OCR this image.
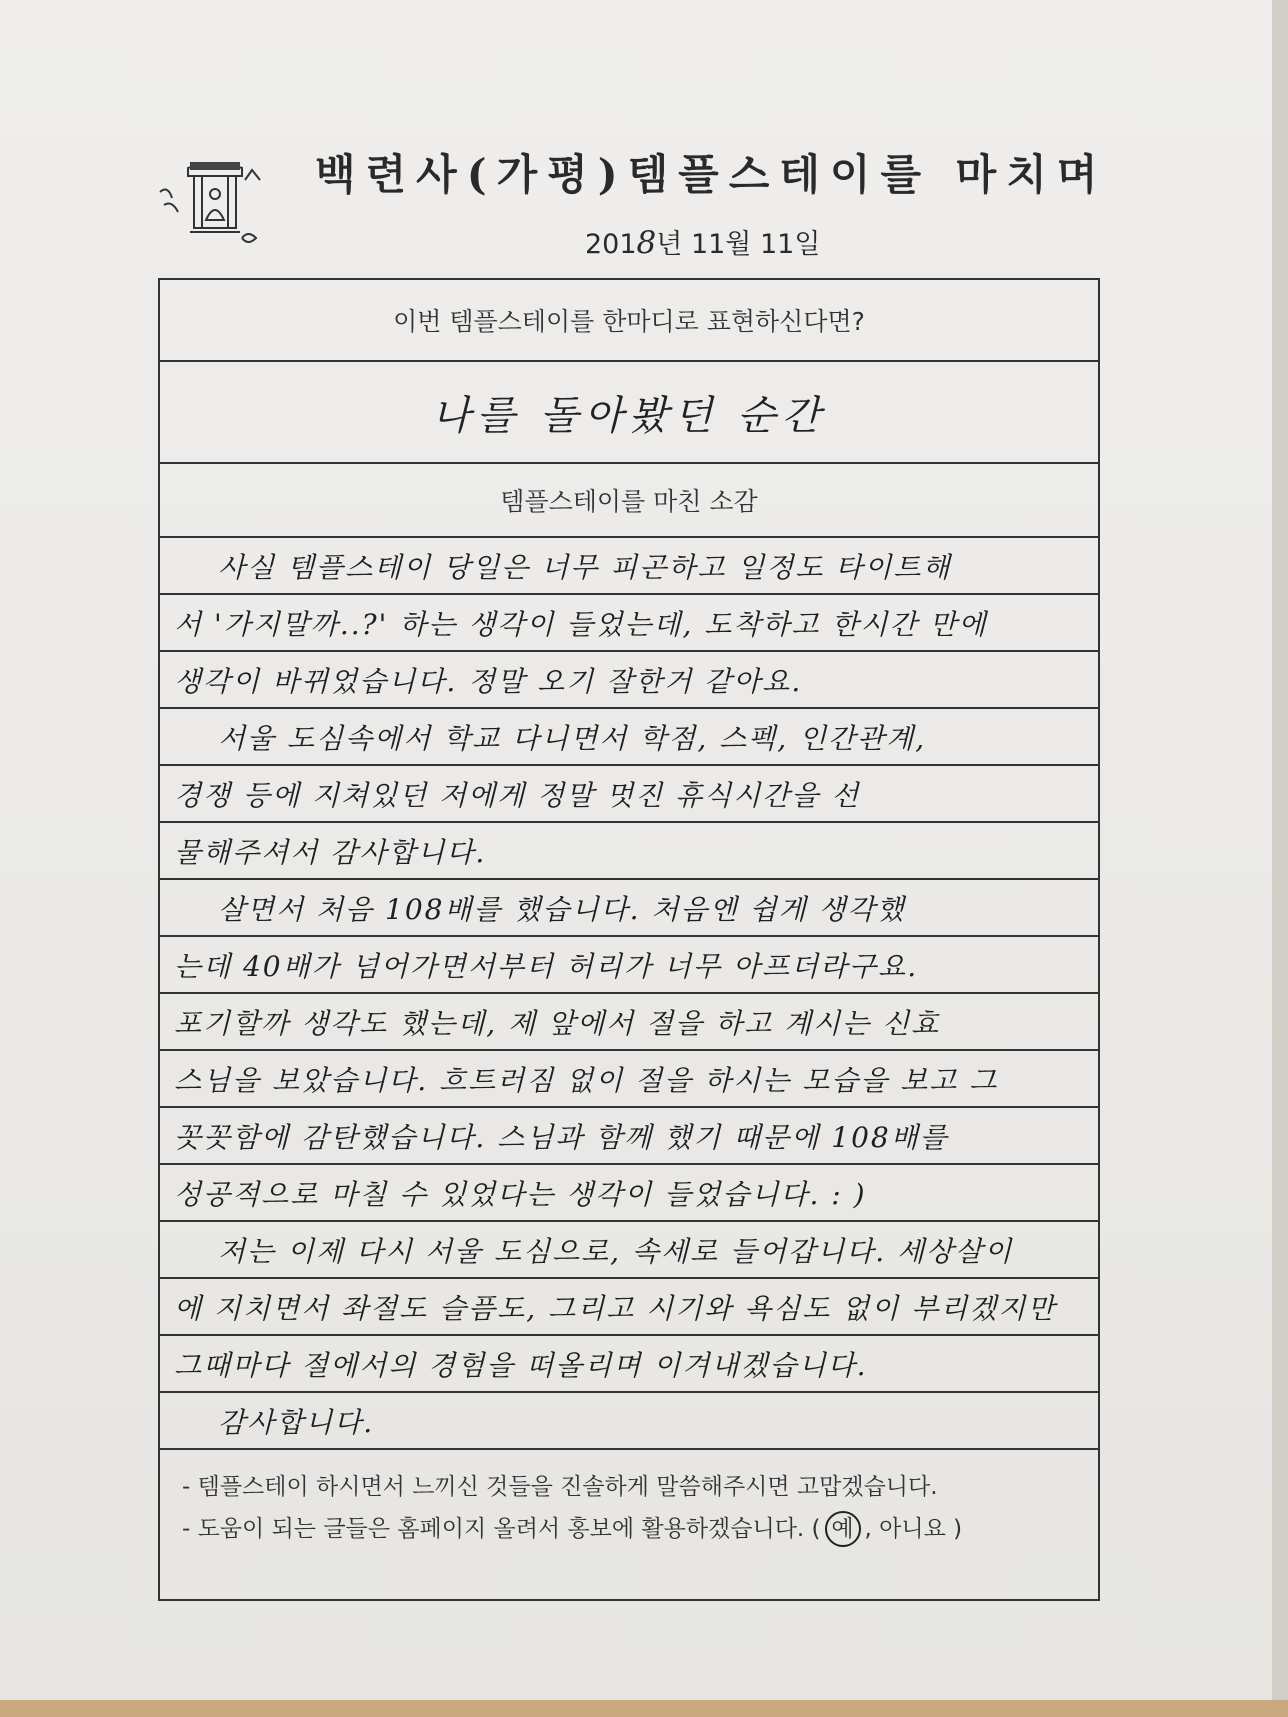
백련사(가평)템플스테이를 마치며
2018년 11월 11일
이번 템플스테이를 한마디로 표현하신다면?
나를 돌아봤던 순간
템플스테이를 마친 소감
사실 템플스테이 당일은 너무 피곤하고 일정도 타이트해
서 '가지말까..?' 하는 생각이 들었는데, 도착하고 한시간 만에
생각이 바뀌었습니다. 정말 오기 잘한거 같아요.
서울 도심속에서 학교 다니면서 학점, 스펙, 인간관계,
경쟁 등에 지쳐있던 저에게 정말 멋진 휴식시간을 선
물해주셔서 감사합니다.
살면서 처음 108배를 했습니다. 처음엔 쉽게 생각했
는데 40배가 넘어가면서부터 허리가 너무 아프더라구요.
포기할까 생각도 했는데, 제 앞에서 절을 하고 계시는 신효
스님을 보았습니다. 흐트러짐 없이 절을 하시는 모습을 보고 그
꼿꼿함에 감탄했습니다. 스님과 함께 했기 때문에 108배를
성공적으로 마칠 수 있었다는 생각이 들었습니다. : )
저는 이제 다시 서울 도심으로, 속세로 들어갑니다. 세상살이
에 지치면서 좌절도 슬픔도, 그리고 시기와 욕심도 없이 부리겠지만
그때마다 절에서의 경험을 떠올리며 이겨내겠습니다.
감사합니다.
- 템플스테이 하시면서 느끼신 것들을 진솔하게 말씀해주시면 고맙겠습니다.
- 도움이 되는 글들은 홈페이지 올려서 홍보에 활용하겠습니다. ( 예 , 아니요 )
